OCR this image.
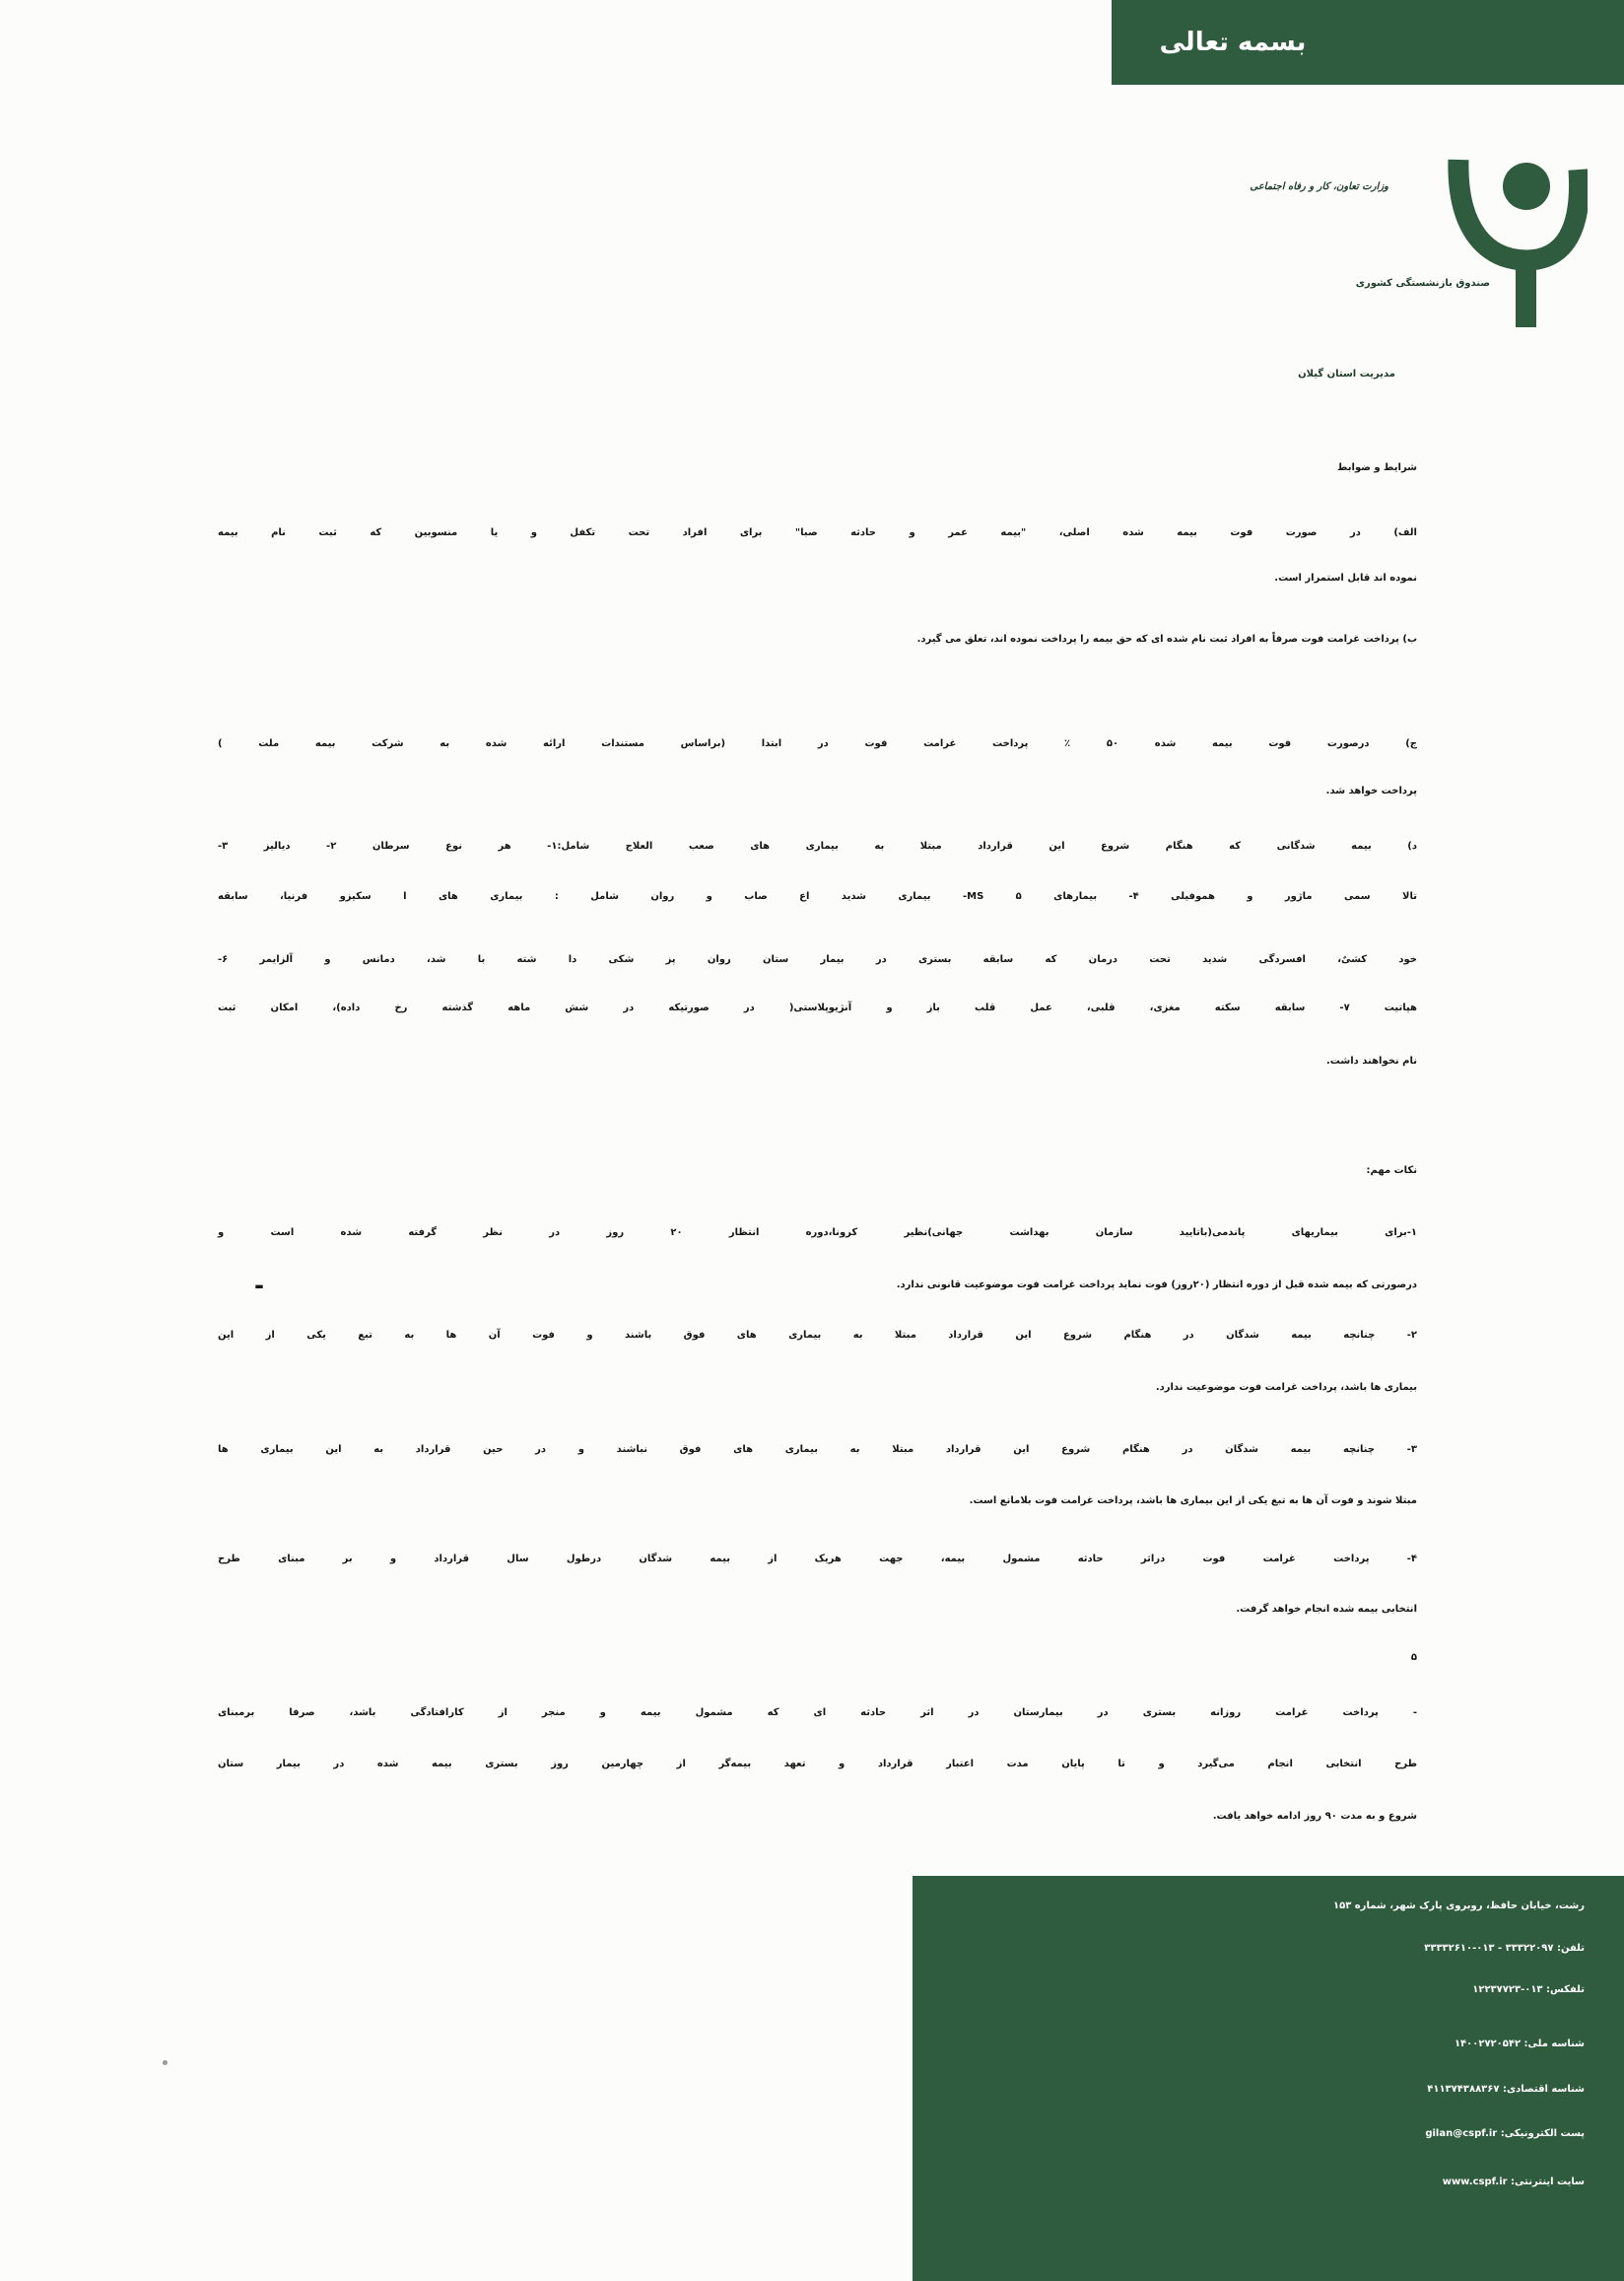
بسمه تعالی
وزارت تعاون، کار و رفاه اجتماعی
صندوق بازنشستگی کشوری
مدیریت استان گیلان
شرایط و ضوابط
الف) در صورت فوت بیمه شده اصلی، "بیمه عمر و حادثه صبا" برای افراد تحت تکفل و یا منسوبین که ثبت نام بیمه
نموده اند قابل استمرار است.
ب) پرداخت غرامت فوت صرفاً به افراد ثبت نام شده ای که حق بیمه را پرداخت نموده اند، تعلق می گیرد.
ج) درصورت فوت بیمه شده ۵۰ ٪ پرداخت غرامت فوت در ابتدا (براساس مستندات ارائه شده به شرکت بیمه ملت )
پرداخت خواهد شد.
د) بیمه شدگانی که هنگام شروع این قرارداد مبتلا به بیماری های صعب العلاج شامل:۱- هر نوع سرطان ۲- دیالیز ۳-
تالا سمی ماژور و هموفیلی ۴- بیمارهای MS ۵- بیماری شدید اع صاب و روان شامل : بیماری های ا سکیزو فرنیا، سابقه
خود کشیٌ، افسردگی شدید تحت درمان که سابقه بستری در بیمار ستان روان پز شکی دا شته با شد، دمانس و آلزایمر ۶-
هپاتیت ۷- سابقه سکته مغزی، قلبی، عمل قلب باز و آنژیوپلاستی( در صورتیکه در شش ماهه گذشته رخ داده)، امکان ثبت
نام نخواهند داشت.
نکات مهم:
۱-برای بیماریهای پاندمی(باتایید سازمان بهداشت جهانی)نظیر کرونا،دوره انتظار ۲۰ روز در نظر گرفته شده است و
درصورتی که بیمه شده قبل از دوره انتظار (۲۰روز) فوت نماید پرداخت غرامت فوت موضوعیت قانونی ندارد.
-
۲- چنانچه بیمه شدگان در هنگام شروع این قرارداد مبتلا به بیماری های فوق باشند و فوت آن ها به تبع یکی از این
بیماری ها باشد، پرداخت غرامت فوت موضوعیت ندارد.
۳- چنانچه بیمه شدگان در هنگام شروع این قرارداد مبتلا به بیماری های فوق نباشند و در حین قرارداد به این بیماری ها
مبتلا شوند و فوت آن ها به تبع یکی از این بیماری ها باشد، پرداخت غرامت فوت بلامانع است.
۴- پرداخت غرامت فوت دراثر حادثه مشمول بیمه، جهت هریک از بیمه شدگان درطول سال قرارداد و بر مبنای طرح
انتخابی بیمه شده انجام خواهد گرفت.
۵
- پرداخت غرامت روزانه بستری در بیمارستان در اثر حادثه ای که مشمول بیمه و منجر از کارافتادگی باشد، صرفا برمبنای
طرح انتخابی انجام می‌گیرد و تا پایان مدت اعتبار قرارداد و تعهد بیمه‌گر از چهارمین روز بستری بیمه شده در بیمار ستان
شروع و به مدت ۹۰ روز ادامه خواهد یافت.
رشت، خیابان حافظ، روبروی پارک شهر، شماره ۱۵۳
تلفن: ۳۳۳۲۲۰۹۷ - ۰۱۳-۳۳۳۳۲۶۱۰
تلفکس: ۰۱۳-۱۲۲۳۷۷۲۳
شناسه ملی: ۱۴۰۰۲۷۲۰۵۴۲
شناسه اقتصادی: ۴۱۱۳۷۴۳۸۸۳۶۷
پست الکترونیکی: gilan@cspf.ir
سایت اینترنتی: www.cspf.ir
